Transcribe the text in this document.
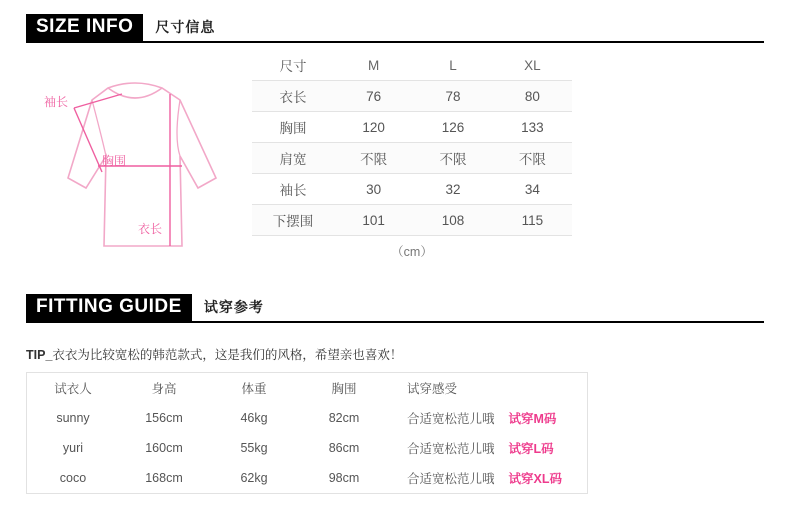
SIZE INFO	尺寸信息
袖长
胸围
衣长
尺寸	M	L	XL
衣长	76	78	80
胸围	120	126	133
肩宽	不限	不限	不限
袖长	30	32	34
下摆围	101	108	115
（cm）			
FITTING GUIDE	试穿参考
TIP_衣衣为比较宽松的韩范款式，这是我们的风格，希望亲也喜欢！
试衣人	身高	体重	胸围	试穿感受
sunny	156cm	46kg	82cm	合适宽松范儿哦 试穿M码
yuri	160cm	55kg	86cm	合适宽松范儿哦 试穿L码
coco	168cm	62kg	98cm	合适宽松范儿哦 试穿XL码
